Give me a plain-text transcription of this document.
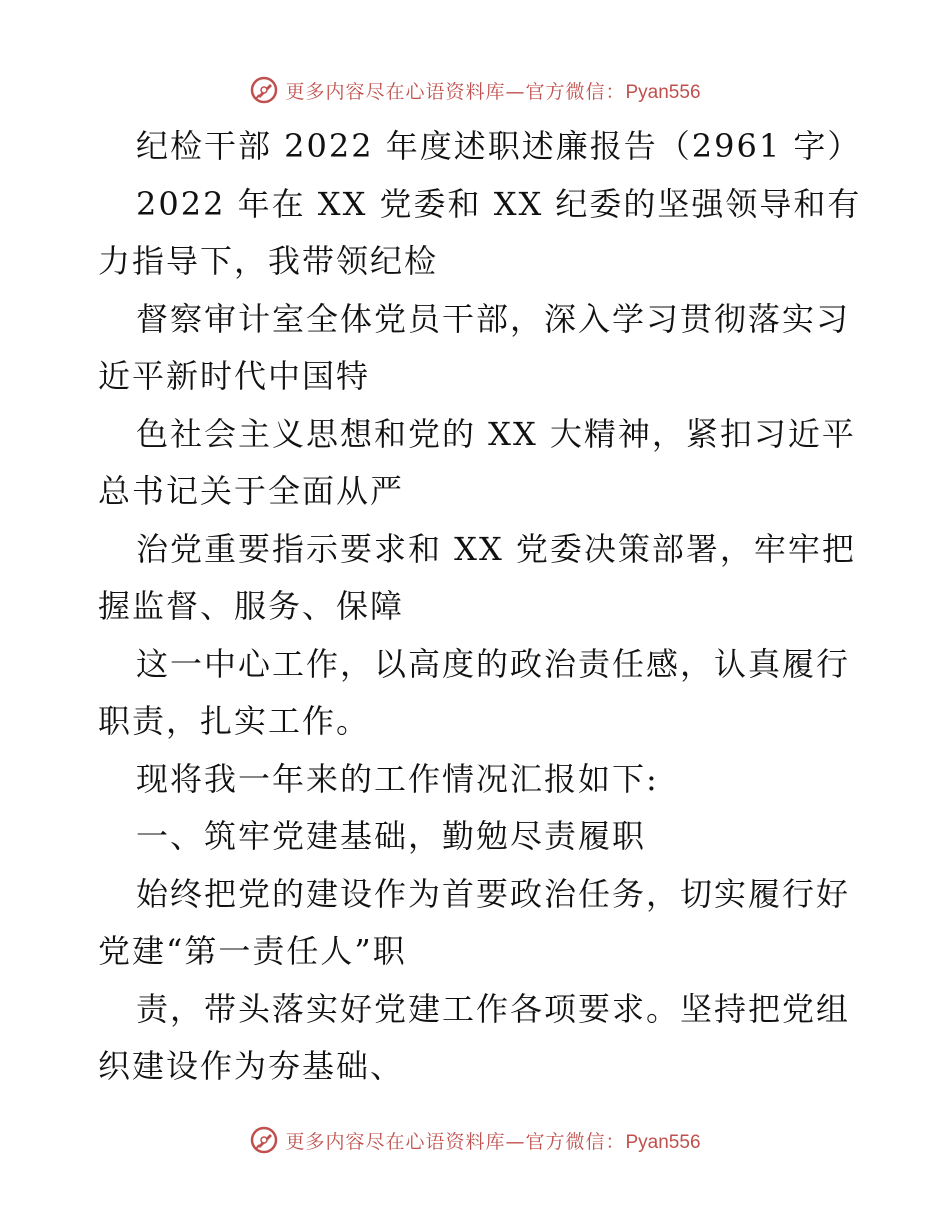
更多内容尽在心语资料库—官方微信：Pyan556
纪检干部 2022 年度述职述廉报告（2961 字）
2022 年在 XX 党委和 XX 纪委的坚强领导和有
力指导下，我带领纪检
督察审计室全体党员干部，深入学习贯彻落实习
近平新时代中国特
色社会主义思想和党的 XX 大精神，紧扣习近平
总书记关于全面从严
治党重要指示要求和 XX 党委决策部署，牢牢把
握监督、服务、保障
这一中心工作，以高度的政治责任感，认真履行
职责，扎实工作。
现将我一年来的工作情况汇报如下:
一、筑牢党建基础，勤勉尽责履职
始终把党的建设作为首要政治任务，切实履行好
党建“第一责任人”职
责，带头落实好党建工作各项要求。坚持把党组
织建设作为夯基础、
更多内容尽在心语资料库—官方微信：Pyan556
